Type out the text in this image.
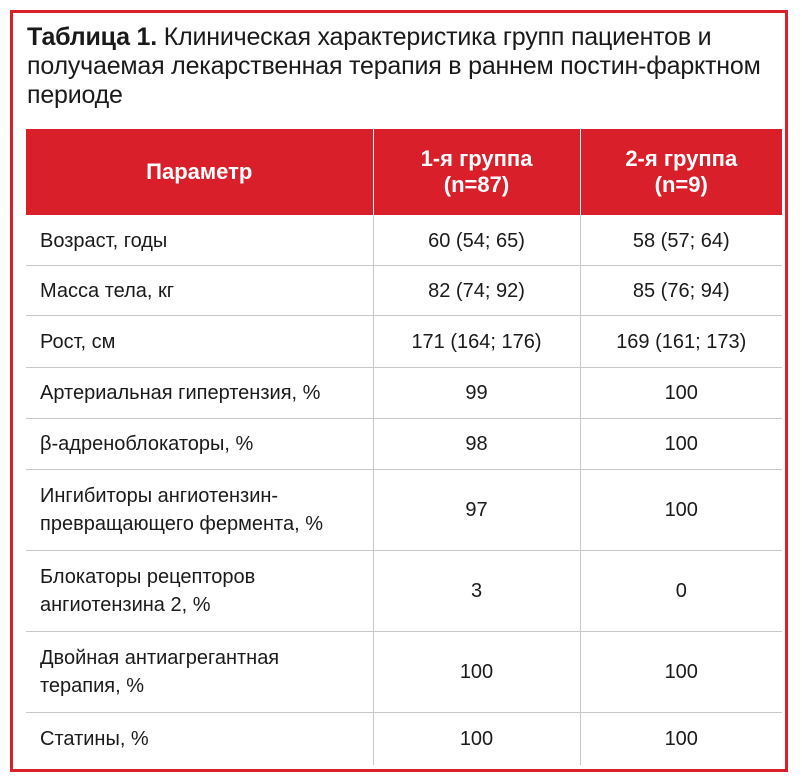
Таблица 1. Клиническая характеристика групп пациентов и получаемая лекарственная терапия в раннем постин-фарктном периоде
Параметр	1-я группа (n=87)	2-я группа (n=9)
Возраст, годы	60 (54; 65)	58 (57; 64)
Масса тела, кг	82 (74; 92)	85 (76; 94)
Рост, см	171 (164; 176)	169 (161; 173)
Артериальная гипертензия, %	99	100
β-адреноблокаторы, %	98	100
Ингибиторы ангиотензин-превращающего фермента, %	97	100
Блокаторы рецепторов ангиотензина 2, %	3	0
Двойная антиагрегантная терапия, %	100	100
Статины, %	100	100
